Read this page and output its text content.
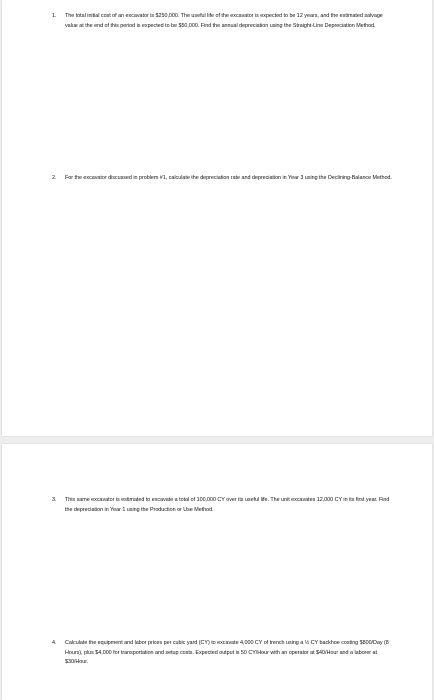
1. The total initial cost of an excavator is $250,000. The useful life of the excavator is expected to be 12 years, and the estimated salvage value at the end of this period is expected to be $50,000. Find the annual depreciation using the Straight-Line Depreciation Method.
2. For the excavator discussed in problem #1, calculate the depreciation rate and depreciation in Year 3 using the Declining-Balance Method.
3. This same excavator is estimated to excavate a total of 100,000 CY over its useful life. The unit excavates 12,000 CY in its first year. Find the depreciation in Year 1 using the Production or Use Method.
4. Calculate the equipment and labor prices per cubic yard (CY) to excavate 4,000 CY of trench using a ½ CY backhoe costing $800/Day (8 Hours), plus $4,000 for transportation and setup costs. Expected output is 50 CY/Hour with an operator at $40/Hour and a laborer at $30/Hour.
